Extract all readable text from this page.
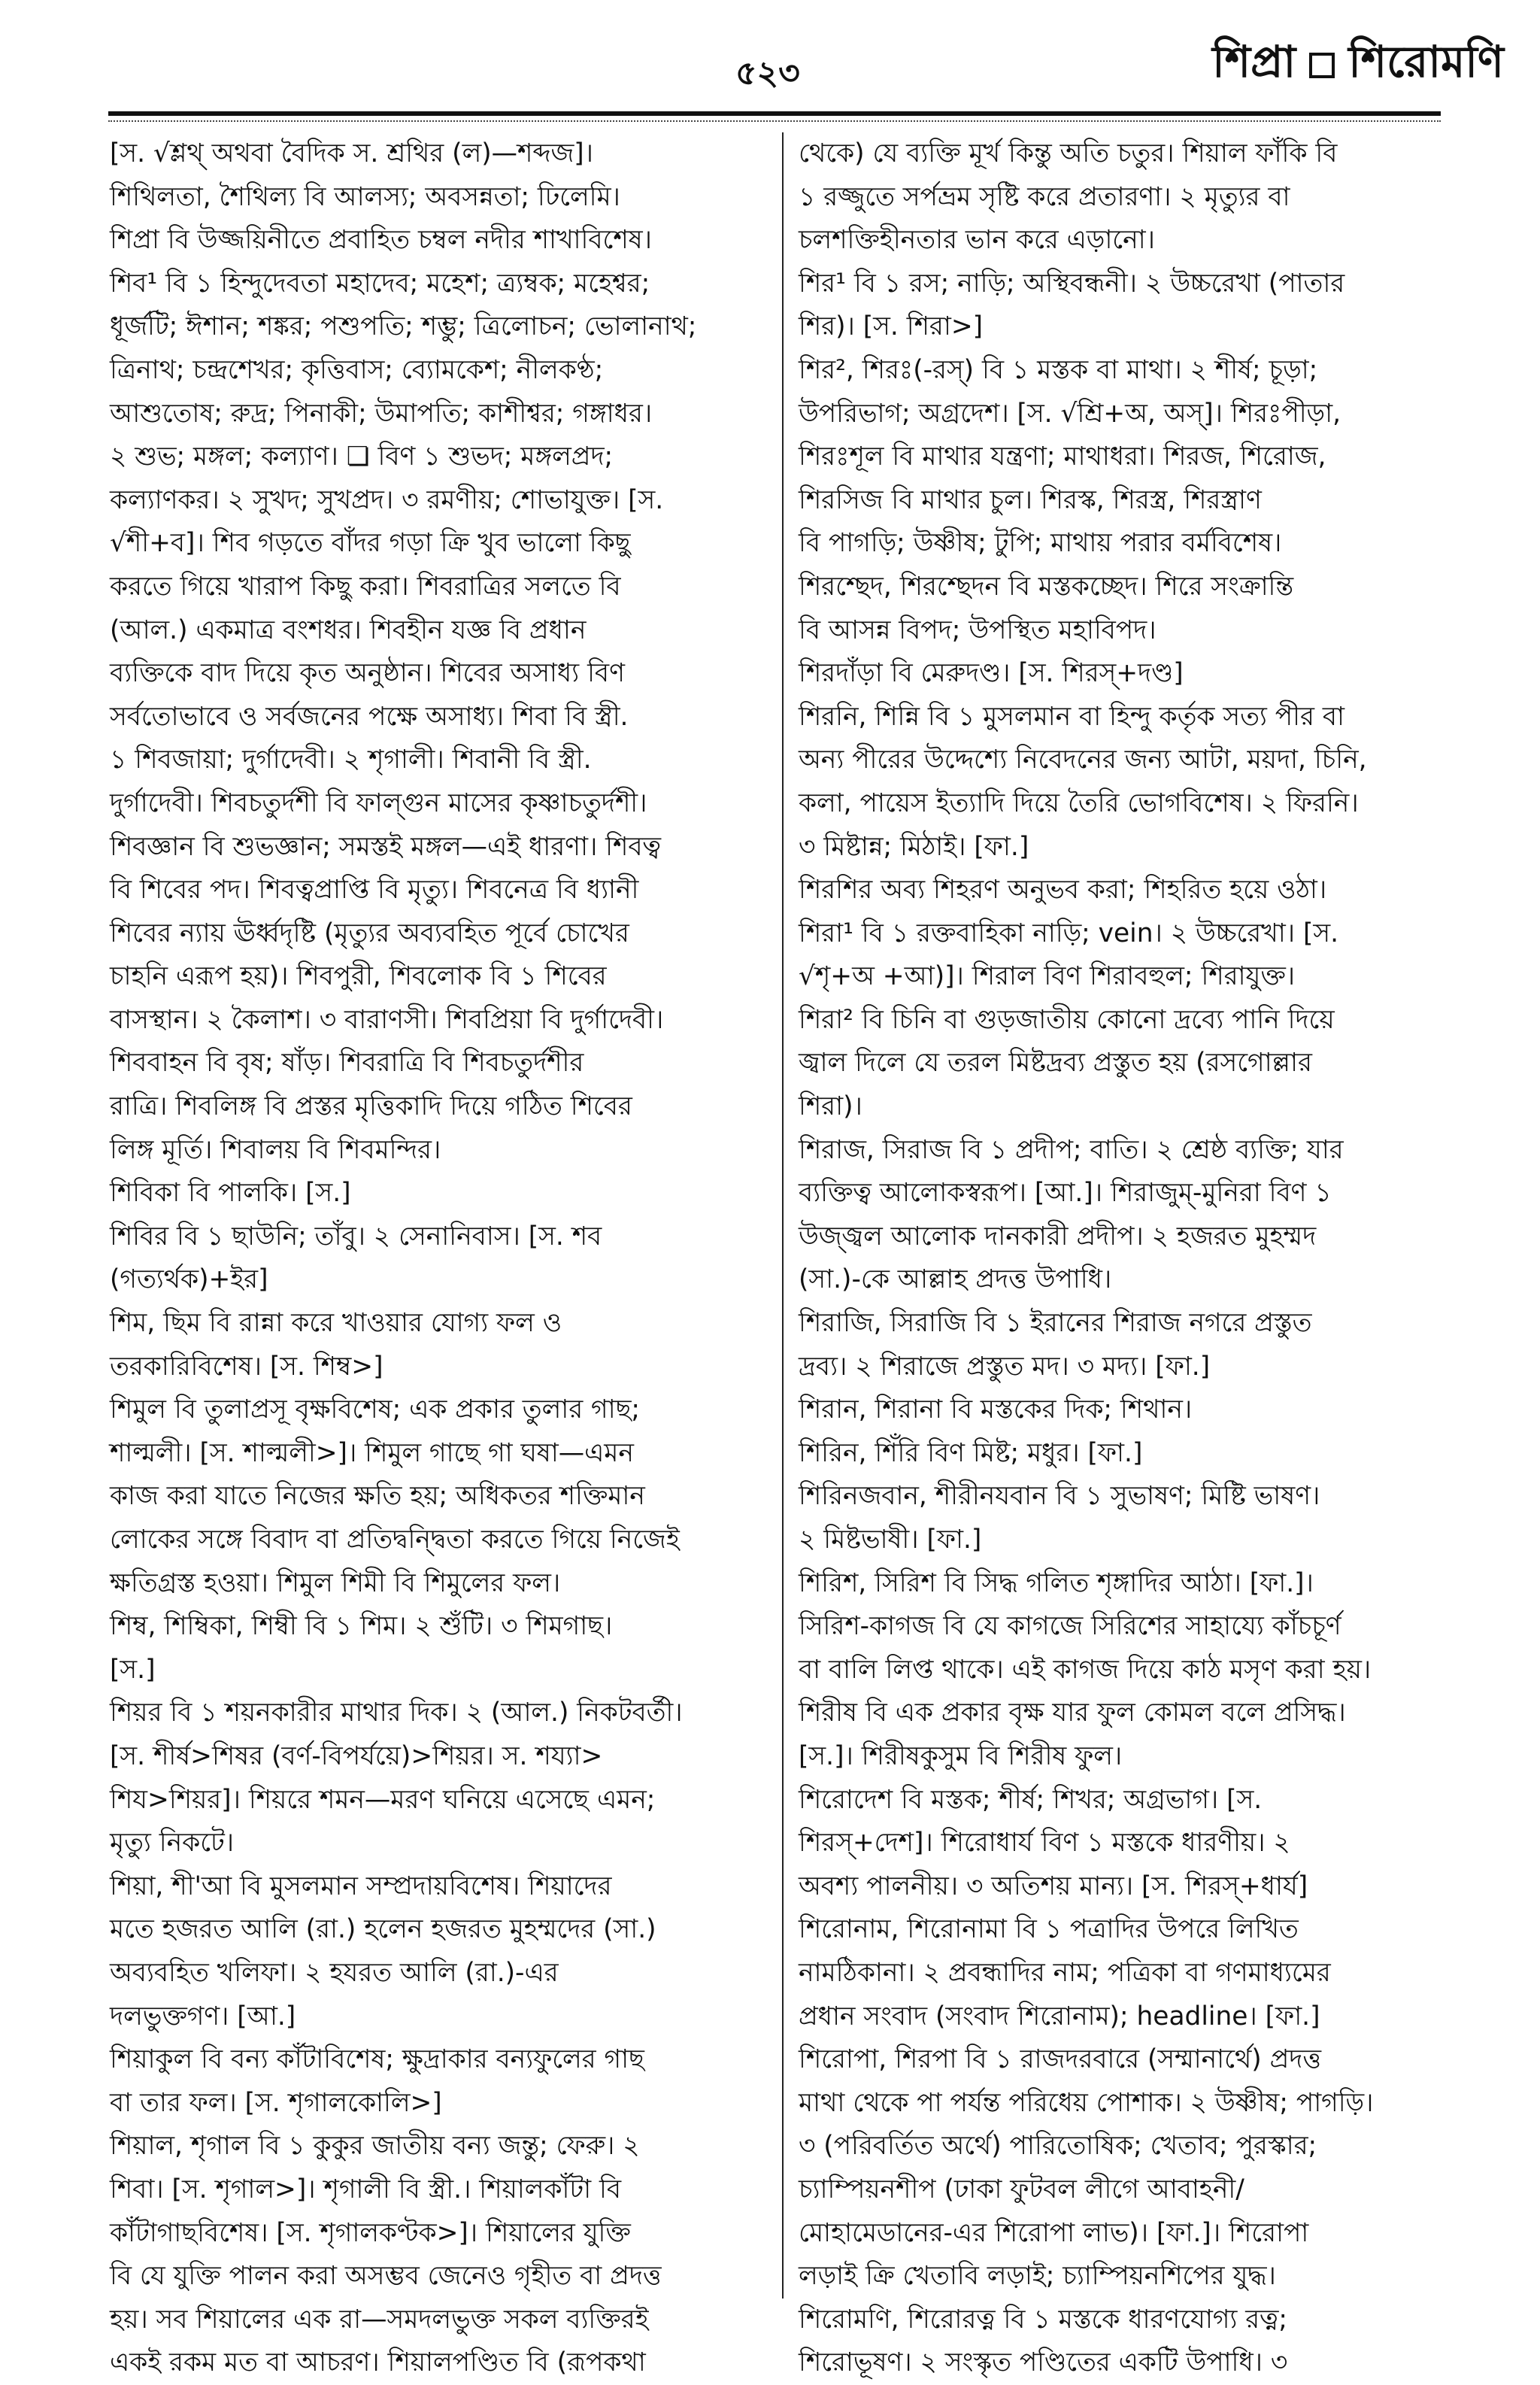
৫২৩	শিপ্রা শিরোমণি
[স. √শ্লথ্ অথবা বৈদিক স. শ্রথির (ল)—শব্দজ]।
শিথিলতা, শৈথিল্য বি আলস্য; অবসন্নতা; ঢিলেমি।
শিপ্রা বি উজ্জয়িনীতে প্রবাহিত চম্বল নদীর শাখাবিশেষ।
শিব¹ বি ১ হিন্দুদেবতা মহাদেব; মহেশ; ত্র্যম্বক; মহেশ্বর;
ধূর্জটি; ঈশান; শঙ্কর; পশুপতি; শম্ভু; ত্রিলোচন; ভোলানাথ;
ত্রিনাথ; চন্দ্রশেখর; কৃত্তিবাস; ব্যোমকেশ; নীলকণ্ঠ;
আশুতোষ; রুদ্র; পিনাকী; উমাপতি; কাশীশ্বর; গঙ্গাধর।
২ শুভ; মঙ্গল; কল্যাণ। ❏ বিণ ১ শুভদ; মঙ্গলপ্রদ;
কল্যাণকর। ২ সুখদ; সুখপ্রদ। ৩ রমণীয়; শোভাযুক্ত। [স.
√শী+ব]। শিব গড়তে বাঁদর গড়া ক্রি খুব ভালো কিছু
করতে গিয়ে খারাপ কিছু করা। শিবরাত্রির সলতে বি
(আল.) একমাত্র বংশধর। শিবহীন যজ্ঞ বি প্রধান
ব্যক্তিকে বাদ দিয়ে কৃত অনুষ্ঠান। শিবের অসাধ্য বিণ
সর্বতোভাবে ও সর্বজনের পক্ষে অসাধ্য। শিবা বি স্ত্রী.
১ শিবজায়া; দুর্গাদেবী। ২ শৃগালী। শিবানী বি স্ত্রী.
দুর্গাদেবী। শিবচতুর্দশী বি ফাল্গুন মাসের কৃষ্ণাচতুর্দশী।
শিবজ্ঞান বি শুভজ্ঞান; সমস্তই মঙ্গল—এই ধারণা। শিবত্ব
বি শিবের পদ। শিবত্বপ্রাপ্তি বি মৃত্যু। শিবনেত্র বি ধ্যানী
শিবের ন্যায় ঊর্ধ্বদৃষ্টি (মৃত্যুর অব্যবহিত পূর্বে চোখের
চাহনি এরূপ হয়)। শিবপুরী, শিবলোক বি ১ শিবের
বাসস্থান। ২ কৈলাশ। ৩ বারাণসী। শিবপ্রিয়া বি দুর্গাদেবী।
শিববাহন বি বৃষ; ষাঁড়। শিবরাত্রি বি শিবচতুর্দশীর
রাত্রি। শিবলিঙ্গ বি প্রস্তর মৃত্তিকাদি দিয়ে গঠিত শিবের
লিঙ্গ মূর্তি। শিবালয় বি শিবমন্দির।
শিবিকা বি পালকি। [স.]
শিবির বি ১ ছাউনি; তাঁবু। ২ সেনানিবাস। [স. শব
(গত্যর্থক)+ইর]
শিম, ছিম বি রান্না করে খাওয়ার যোগ্য ফল ও
তরকারিবিশেষ। [স. শিম্ব>]
শিমুল বি তুলাপ্রসূ বৃক্ষবিশেষ; এক প্রকার তুলার গাছ;
শাল্মলী। [স. শাল্মলী>]। শিমুল গাছে গা ঘষা—এমন
কাজ করা যাতে নিজের ক্ষতি হয়; অধিকতর শক্তিমান
লোকের সঙ্গে বিবাদ বা প্রতিদ্বন্দ্বিতা করতে গিয়ে নিজেই
ক্ষতিগ্রস্ত হওয়া। শিমুল শিমী বি শিমুলের ফল।
শিম্ব, শিম্বিকা, শিম্বী বি ১ শিম। ২ শুঁটি। ৩ শিমগাছ।
[স.]
শিয়র বি ১ শয়নকারীর মাথার দিক। ২ (আল.) নিকটবর্তী।
[স. শীর্ষ>শিষর (বর্ণ-বিপর্যয়ে)>শিয়র। স. শয্যা>
শিয>শিয়র]। শিয়রে শমন—মরণ ঘনিয়ে এসেছে এমন;
মৃত্যু নিকটে।
শিয়া, শী'আ বি মুসলমান সম্প্রদায়বিশেষ। শিয়াদের
মতে হজরত আলি (রা.) হলেন হজরত মুহম্মদের (সা.)
অব্যবহিত খলিফা। ২ হযরত আলি (রা.)-এর
দলভুক্তগণ। [আ.]
শিয়াকুল বি বন্য কাঁটাবিশেষ; ক্ষুদ্রাকার বন্যফুলের গাছ
বা তার ফল। [স. শৃগালকোলি>]
শিয়াল, শৃগাল বি ১ কুকুর জাতীয় বন্য জন্তু; ফেরু। ২
শিবা। [স. শৃগাল>]। শৃগালী বি স্ত্রী.। শিয়ালকাঁটা বি
কাঁটাগাছবিশেষ। [স. শৃগালকণ্টক>]। শিয়ালের যুক্তি
বি যে যুক্তি পালন করা অসম্ভব জেনেও গৃহীত বা প্রদত্ত
হয়। সব শিয়ালের এক রা—সমদলভুক্ত সকল ব্যক্তিরই
একই রকম মত বা আচরণ। শিয়ালপণ্ডিত বি (রূপকথা
থেকে) যে ব্যক্তি মূর্খ কিন্তু অতি চতুর। শিয়াল ফাঁকি বি
১ রজ্জুতে সর্পভ্রম সৃষ্টি করে প্রতারণা। ২ মৃত্যুর বা
চলশক্তিহীনতার ভান করে এড়ানো।
শির¹ বি ১ রস; নাড়ি; অস্থিবন্ধনী। ২ উচ্চরেখা (পাতার
শির)। [স. শিরা>]
শির², শিরঃ(-রস্) বি ১ মস্তক বা মাথা। ২ শীর্ষ; চূড়া;
উপরিভাগ; অগ্রদেশ। [স. √শ্রি+অ, অস্]। শিরঃপীড়া,
শিরঃশূল বি মাথার যন্ত্রণা; মাথাধরা। শিরজ, শিরোজ,
শিরসিজ বি মাথার চুল। শিরস্ক, শিরস্ত্র, শিরস্ত্রাণ
বি পাগড়ি; উষ্ণীষ; টুপি; মাথায় পরার বর্মবিশেষ।
শিরশ্ছেদ, শিরশ্ছেদন বি মস্তকচ্ছেদ। শিরে সংক্রান্তি
বি আসন্ন বিপদ; উপস্থিত মহাবিপদ।
শিরদাঁড়া বি মেরুদণ্ড। [স. শিরস্+দণ্ড]
শিরনি, শিন্নি বি ১ মুসলমান বা হিন্দু কর্তৃক সত্য পীর বা
অন্য পীরের উদ্দেশ্যে নিবেদনের জন্য আটা, ময়দা, চিনি,
কলা, পায়েস ইত্যাদি দিয়ে তৈরি ভোগবিশেষ। ২ ফিরনি।
৩ মিষ্টান্ন; মিঠাই। [ফা.]
শিরশির অব্য শিহরণ অনুভব করা; শিহরিত হয়ে ওঠা।
শিরা¹ বি ১ রক্তবাহিকা নাড়ি; vein। ২ উচ্চরেখা। [স.
√শৃ+অ +আ)]। শিরাল বিণ শিরাবহুল; শিরাযুক্ত।
শিরা² বি চিনি বা গুড়জাতীয় কোনো দ্রব্যে পানি দিয়ে
জ্বাল দিলে যে তরল মিষ্টদ্রব্য প্রস্তুত হয় (রসগোল্লার
শিরা)।
শিরাজ, সিরাজ বি ১ প্রদীপ; বাতি। ২ শ্রেষ্ঠ ব্যক্তি; যার
ব্যক্তিত্ব আলোকস্বরূপ। [আ.]। শিরাজুম্-মুনিরা বিণ ১
উজ্জ্বল আলোক দানকারী প্রদীপ। ২ হজরত মুহম্মদ
(সা.)-কে আল্লাহ প্রদত্ত উপাধি।
শিরাজি, সিরাজি বি ১ ইরানের শিরাজ নগরে প্রস্তুত
দ্রব্য। ২ শিরাজে প্রস্তুত মদ। ৩ মদ্য। [ফা.]
শিরান, শিরানা বি মস্তকের দিক; শিথান।
শিরিন, শিঁরি বিণ মিষ্ট; মধুর। [ফা.]
শিরিনজবান, শীরীনযবান বি ১ সুভাষণ; মিষ্টি ভাষণ।
২ মিষ্টভাষী। [ফা.]
শিরিশ, সিরিশ বি সিদ্ধ গলিত শৃঙ্গাদির আঠা। [ফা.]।
সিরিশ-কাগজ বি যে কাগজে সিরিশের সাহায্যে কাঁচচূর্ণ
বা বালি লিপ্ত থাকে। এই কাগজ দিয়ে কাঠ মসৃণ করা হয়।
শিরীষ বি এক প্রকার বৃক্ষ যার ফুল কোমল বলে প্রসিদ্ধ।
[স.]। শিরীষকুসুম বি শিরীষ ফুল।
শিরোদেশ বি মস্তক; শীর্ষ; শিখর; অগ্রভাগ। [স.
শিরস্+দেশ]। শিরোধার্য বিণ ১ মস্তকে ধারণীয়। ২
অবশ্য পালনীয়। ৩ অতিশয় মান্য। [স. শিরস্+ধার্য]
শিরোনাম, শিরোনামা বি ১ পত্রাদির উপরে লিখিত
নামঠিকানা। ২ প্রবন্ধাদির নাম; পত্রিকা বা গণমাধ্যমের
প্রধান সংবাদ (সংবাদ শিরোনাম); headline। [ফা.]
শিরোপা, শিরপা বি ১ রাজদরবারে (সম্মানার্থে) প্রদত্ত
মাথা থেকে পা পর্যন্ত পরিধেয় পোশাক। ২ উষ্ণীষ; পাগড়ি।
৩ (পরিবর্তিত অর্থে) পারিতোষিক; খেতাব; পুরস্কার;
চ্যাম্পিয়নশীপ (ঢাকা ফুটবল লীগে আবাহনী/
মোহামেডানের-এর শিরোপা লাভ)। [ফা.]। শিরোপা
লড়াই ক্রি খেতাবি লড়াই; চ্যাম্পিয়নশিপের যুদ্ধ।
শিরোমণি, শিরোরত্ন বি ১ মস্তকে ধারণযোগ্য রত্ন;
শিরোভূষণ। ২ সংস্কৃত পণ্ডিতের একটি উপাধি। ৩
